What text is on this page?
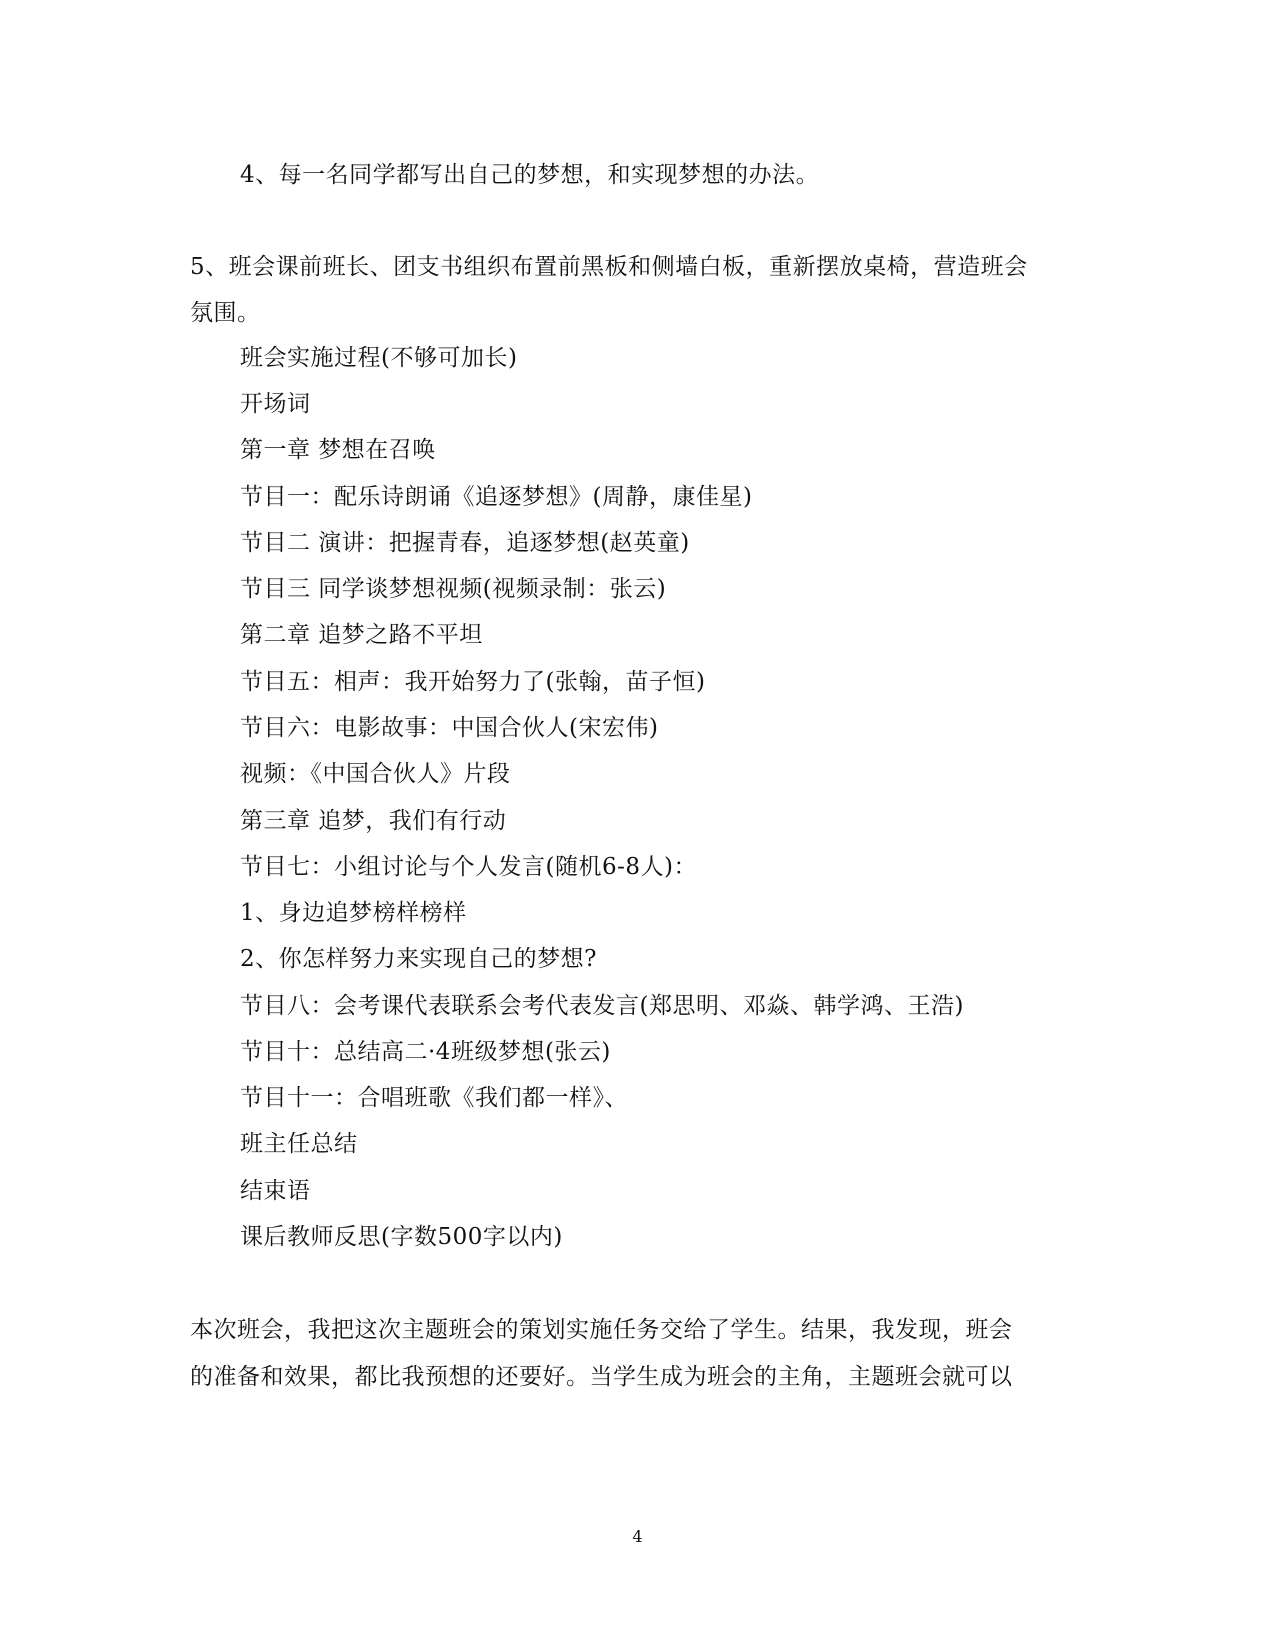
4、每一名同学都写出自己的梦想，和实现梦想的办法。
5、班会课前班长、团支书组织布置前黑板和侧墙白板，重新摆放桌椅，营造班会
氛围。
班会实施过程(不够可加长)
开场词
第一章 梦想在召唤
节目一：配乐诗朗诵《追逐梦想》(周静，康佳星)
节目二 演讲：把握青春，追逐梦想(赵英童)
节目三 同学谈梦想视频(视频录制：张云)
第二章 追梦之路不平坦
节目五：相声：我开始努力了(张翰，苗子恒)
节目六：电影故事：中国合伙人(宋宏伟)
视频：《中国合伙人》片段
第三章 追梦，我们有行动
节目七：小组讨论与个人发言(随机6-8人)：
1、身边追梦榜样榜样
2、你怎样努力来实现自己的梦想?
节目八：会考课代表联系会考代表发言(郑思明、邓焱、韩学鸿、王浩)
节目十：总结高二·4班级梦想(张云)
节目十一：合唱班歌《我们都一样》、
班主任总结
结束语
课后教师反思(字数500字以内)
本次班会，我把这次主题班会的策划实施任务交给了学生。结果，我发现，班会
的准备和效果，都比我预想的还要好。当学生成为班会的主角，主题班会就可以
4
